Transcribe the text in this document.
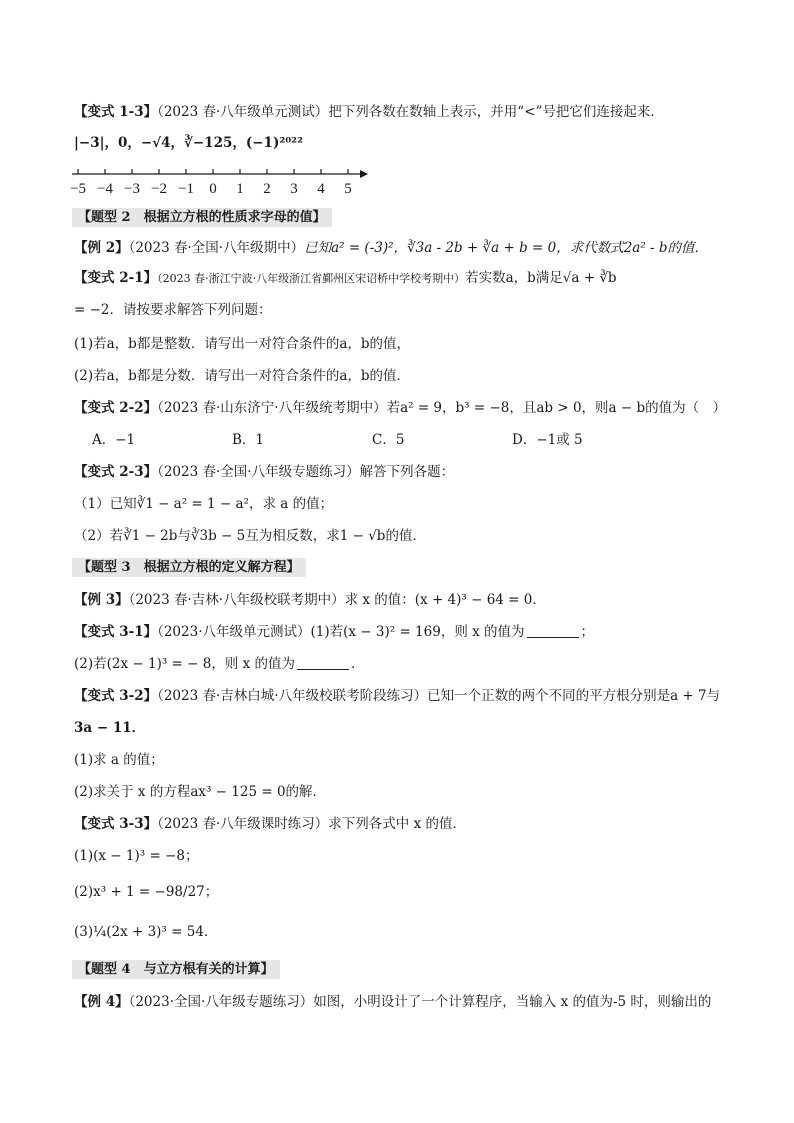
【变式 1-3】（2023 春·八年级单元测试）把下列各数在数轴上表示，并用“<”号把它们连接起来．
|−3|，0，−√4，∛−125，(−1)²⁰²²
−5 −4 −3 −2 −1 0 1 2 3 4 5
【题型 2　根据立方根的性质求字母的值】
【例 2】（2023 春·全国·八年级期中）已知a² = (-3)²，∛3a - 2b + ∛a + b = 0，求代数式2a² - b的值．
【变式 2-1】（2023 春·浙江宁波·八年级浙江省鄞州区宋诏桥中学校考期中）若实数a，b满足√a + ∛b
= −2．请按要求解答下列问题：
(1)若a，b都是整数．请写出一对符合条件的a，b的值，
(2)若a，b都是分数．请写出一对符合条件的a，b的值．
【变式 2-2】（2023 春·山东济宁·八年级统考期中）若a² = 9，b³ = −8，且ab > 0，则a − b的值为（　）
A．−1	B．1	C．5	D．−1或 5
【变式 2-3】（2023 春·全国·八年级专题练习）解答下列各题：
（1）已知∛1 − a² = 1 − a²，求 a 的值；
（2）若∛1 − 2b与∛3b − 5互为相反数，求1 − √b的值．
【题型 3　根据立方根的定义解方程】
【例 3】（2023 春·吉林·八年级校联考期中）求 x 的值：(x + 4)³ − 64 = 0．
【变式 3-1】（2023·八年级单元测试）(1)若(x − 3)² = 169，则 x 的值为	；
(2)若(2x − 1)³ = − 8，则 x 的值为	.
【变式 3-2】（2023 春·吉林白城·八年级校联考阶段练习）已知一个正数的两个不同的平方根分别是a + 7与
3a − 11．
(1)求 a 的值；
(2)求关于 x 的方程ax³ − 125 = 0的解．
【变式 3-3】（2023 春·八年级课时练习）求下列各式中 x 的值．
(1)(x − 1)³ = −8；
(2)x³ + 1 = −98/27；
(3)¼(2x + 3)³ = 54．
【题型 4　与立方根有关的计算】
【例 4】（2023·全国·八年级专题练习）如图，小明设计了一个计算程序，当输入 x 的值为-5 时，则输出的
